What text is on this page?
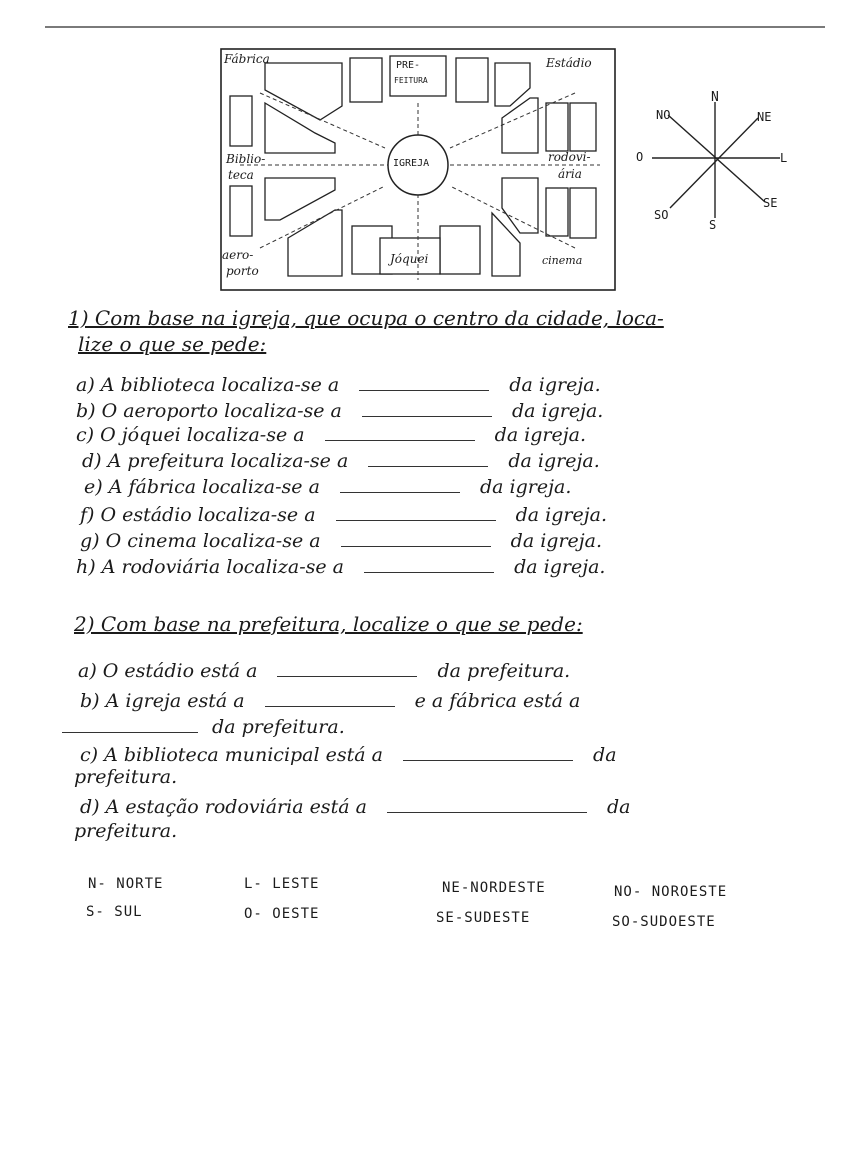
Fábrica	PRE-
FEITURA
Estádio
Biblio-
teca
IGREJA	rodovi-
ária
aero-
porto
Jóquei	cinema
N
NE
L
SE
S
SO
O
NO
1) Com base na igreja, que ocupa o centro da cidade, loca-
lize o que se pede:
a) A biblioteca localiza-se a	da igreja.
b) O aeroporto localiza-se a	da igreja.
c) O jóquei localiza-se a	da igreja.
d) A prefeitura localiza-se a	da igreja.
e) A fábrica localiza-se a	da igreja.
f) O estádio localiza-se a	da igreja.
g) O cinema localiza-se a	da igreja.
h) A rodoviária localiza-se a	da igreja.
2) Com base na prefeitura, localize o que se pede:
a) O estádio está a	da prefeitura.
b) A igreja está a	e a fábrica está a
da prefeitura.
c) A biblioteca municipal está a	da
prefeitura.
d) A estação rodoviária está a	da
prefeitura.
N- NORTE
S- SUL
L- LESTE
O- OESTE
NE-NORDESTE
SE-SUDESTE
NO- NOROESTE
SO-SUDOESTE
